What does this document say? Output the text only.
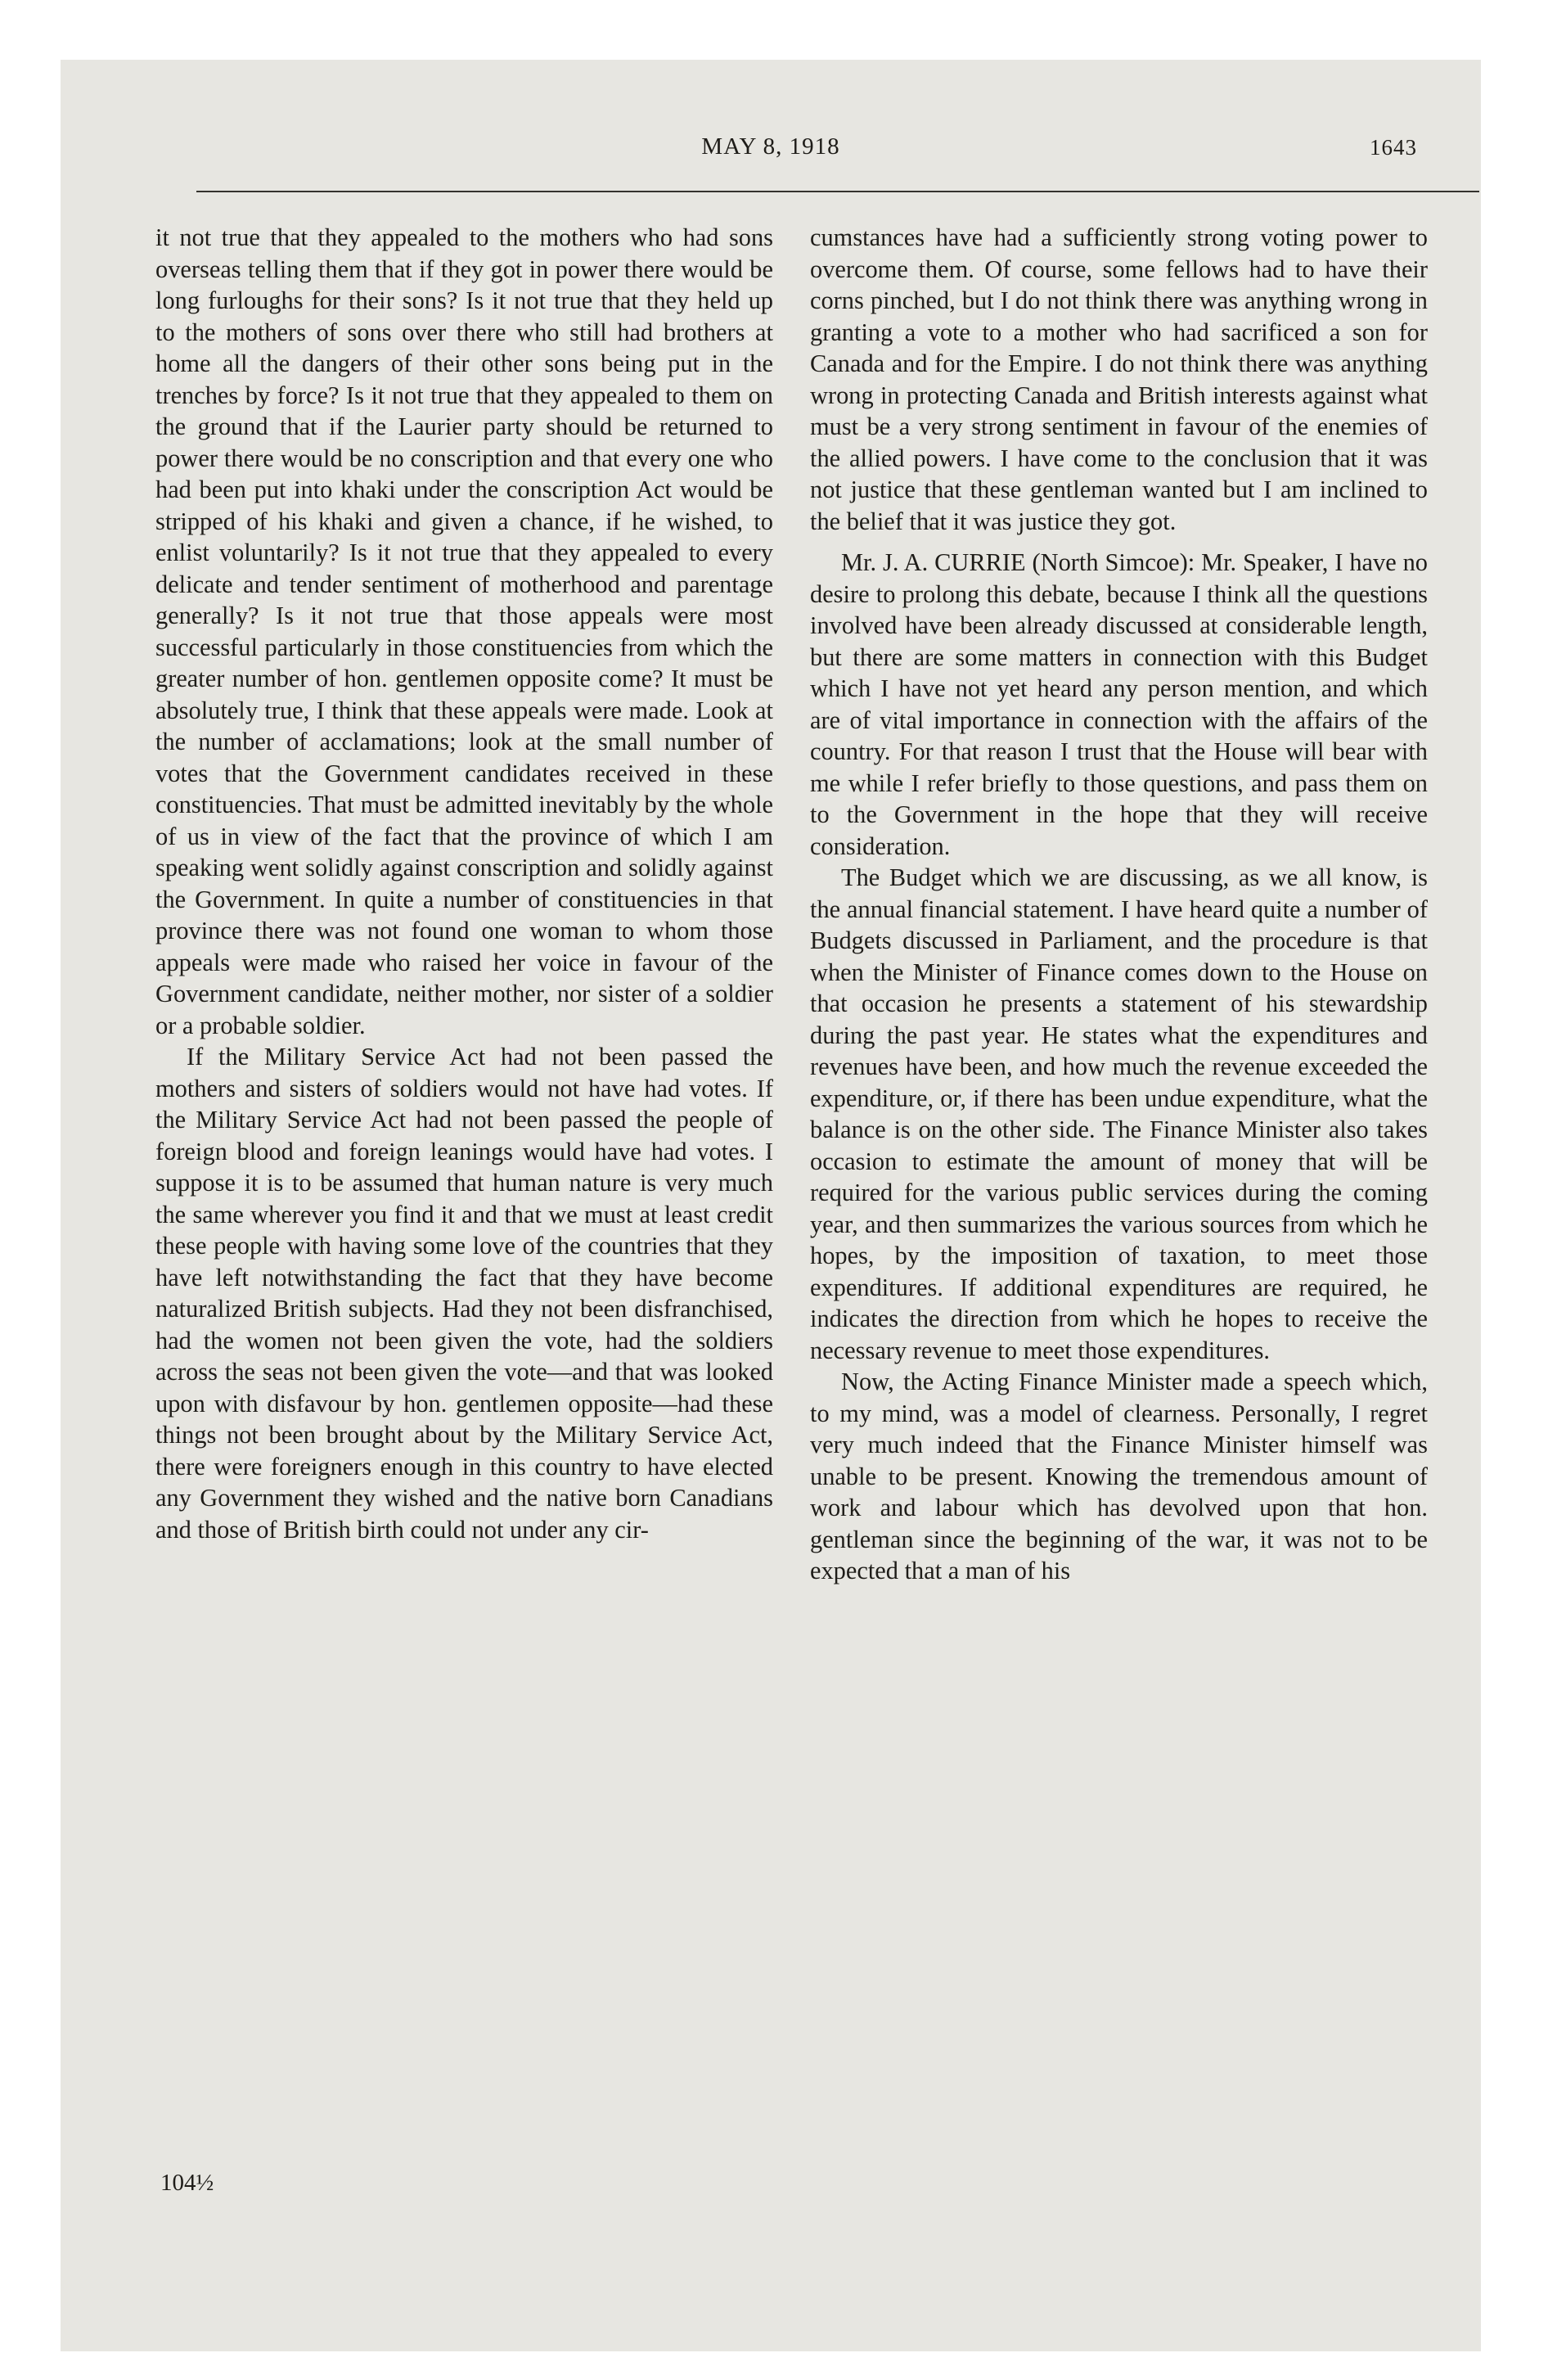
MAY 8, 1918	1643

it not true that they appealed to the mothers who had sons overseas telling them that if they got in power there would be long furloughs for their sons? Is it not true that they held up to the mothers of sons over there who still had brothers at home all the dangers of their other sons being put in the trenches by force? Is it not true that they appealed to them on the ground that if the Laurier party should be returned to power there would be no conscription and that every one who had been put into khaki under the conscription Act would be stripped of his khaki and given a chance, if he wished, to enlist voluntarily? Is it not true that they appealed to every delicate and tender sentiment of motherhood and parentage generally? Is it not true that those appeals were most successful particularly in those constituencies from which the greater number of hon. gentlemen opposite come? It must be absolutely true, I think that these appeals were made. Look at the number of acclamations; look at the small number of votes that the Government candidates received in these constituencies. That must be admitted inevitably by the whole of us in view of the fact that the province of which I am speaking went solidly against conscription and solidly against the Government. In quite a number of constituencies in that province there was not found one woman to whom those appeals were made who raised her voice in favour of the Government candidate, neither mother, nor sister of a soldier or a probable soldier.

If the Military Service Act had not been passed the mothers and sisters of soldiers would not have had votes. If the Military Service Act had not been passed the people of foreign blood and foreign leanings would have had votes. I suppose it is to be assumed that human nature is very much the same wherever you find it and that we must at least credit these people with having some love of the countries that they have left notwithstanding the fact that they have become naturalized British subjects. Had they not been disfranchised, had the women not been given the vote, had the soldiers across the seas not been given the vote—and that was looked upon with disfavour by hon. gentlemen opposite—had these things not been brought about by the Military Service Act, there were foreigners enough in this country to have elected any Government they wished and the native born Canadians and those of British birth could not under any cir-

cumstances have had a sufficiently strong voting power to overcome them. Of course, some fellows had to have their corns pinched, but I do not think there was anything wrong in granting a vote to a mother who had sacrificed a son for Canada and for the Empire. I do not think there was anything wrong in protecting Canada and British interests against what must be a very strong sentiment in favour of the enemies of the allied powers. I have come to the conclusion that it was not justice that these gentleman wanted but I am inclined to the belief that it was justice they got.

Mr. J. A. CURRIE (North Simcoe): Mr. Speaker, I have no desire to prolong this debate, because I think all the questions involved have been already discussed at considerable length, but there are some matters in connection with this Budget which I have not yet heard any person mention, and which are of vital importance in connection with the affairs of the country. For that reason I trust that the House will bear with me while I refer briefly to those questions, and pass them on to the Government in the hope that they will receive consideration.

The Budget which we are discussing, as we all know, is the annual financial statement. I have heard quite a number of Budgets discussed in Parliament, and the procedure is that when the Minister of Finance comes down to the House on that occasion he presents a statement of his stewardship during the past year. He states what the expenditures and revenues have been, and how much the revenue exceeded the expenditure, or, if there has been undue expenditure, what the balance is on the other side. The Finance Minister also takes occasion to estimate the amount of money that will be required for the various public services during the coming year, and then summarizes the various sources from which he hopes, by the imposition of taxation, to meet those expenditures. If additional expenditures are required, he indicates the direction from which he hopes to receive the necessary revenue to meet those expenditures.

Now, the Acting Finance Minister made a speech which, to my mind, was a model of clearness. Personally, I regret very much indeed that the Finance Minister himself was unable to be present. Knowing the tremendous amount of work and labour which has devolved upon that hon. gentleman since the beginning of the war, it was not to be expected that a man of his

104½
